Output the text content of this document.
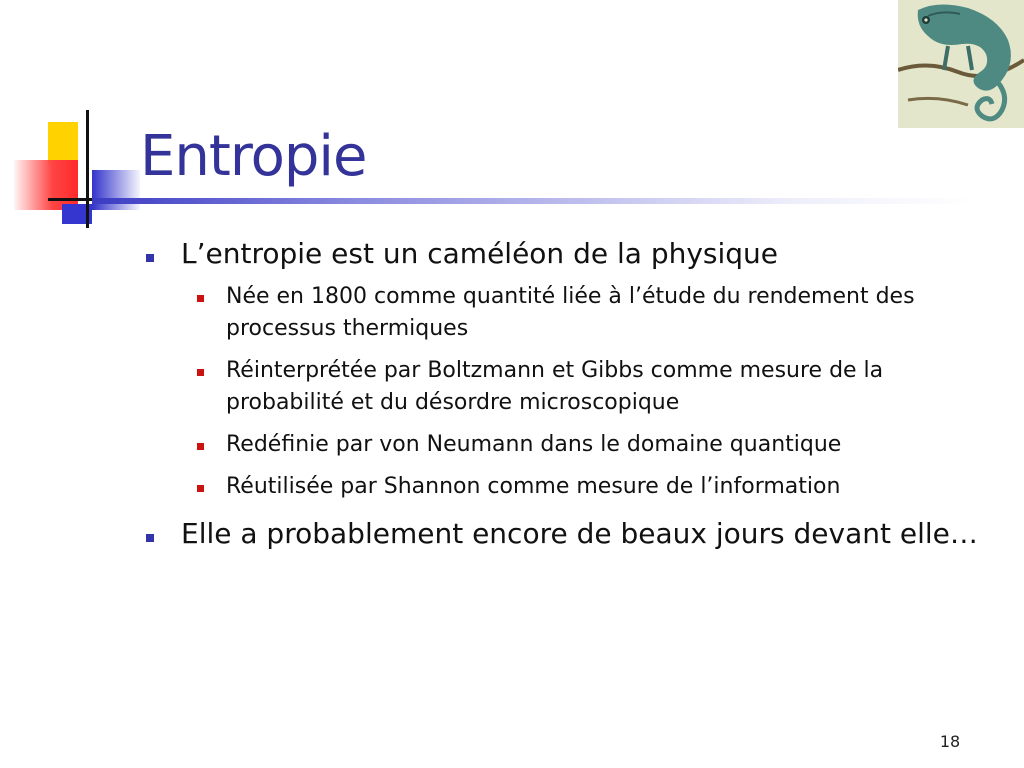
Entropie
L’entropie est un caméléon de la physique
Née en 1800 comme quantité liée à l’étude du rendement des processus thermiques
Réinterprétée par Boltzmann et Gibbs comme mesure de la probabilité et du désordre microscopique
Redéfinie par von Neumann dans le domaine quantique
Réutilisée par Shannon comme mesure de l’information
Elle a probablement encore de beaux jours devant elle…
18
